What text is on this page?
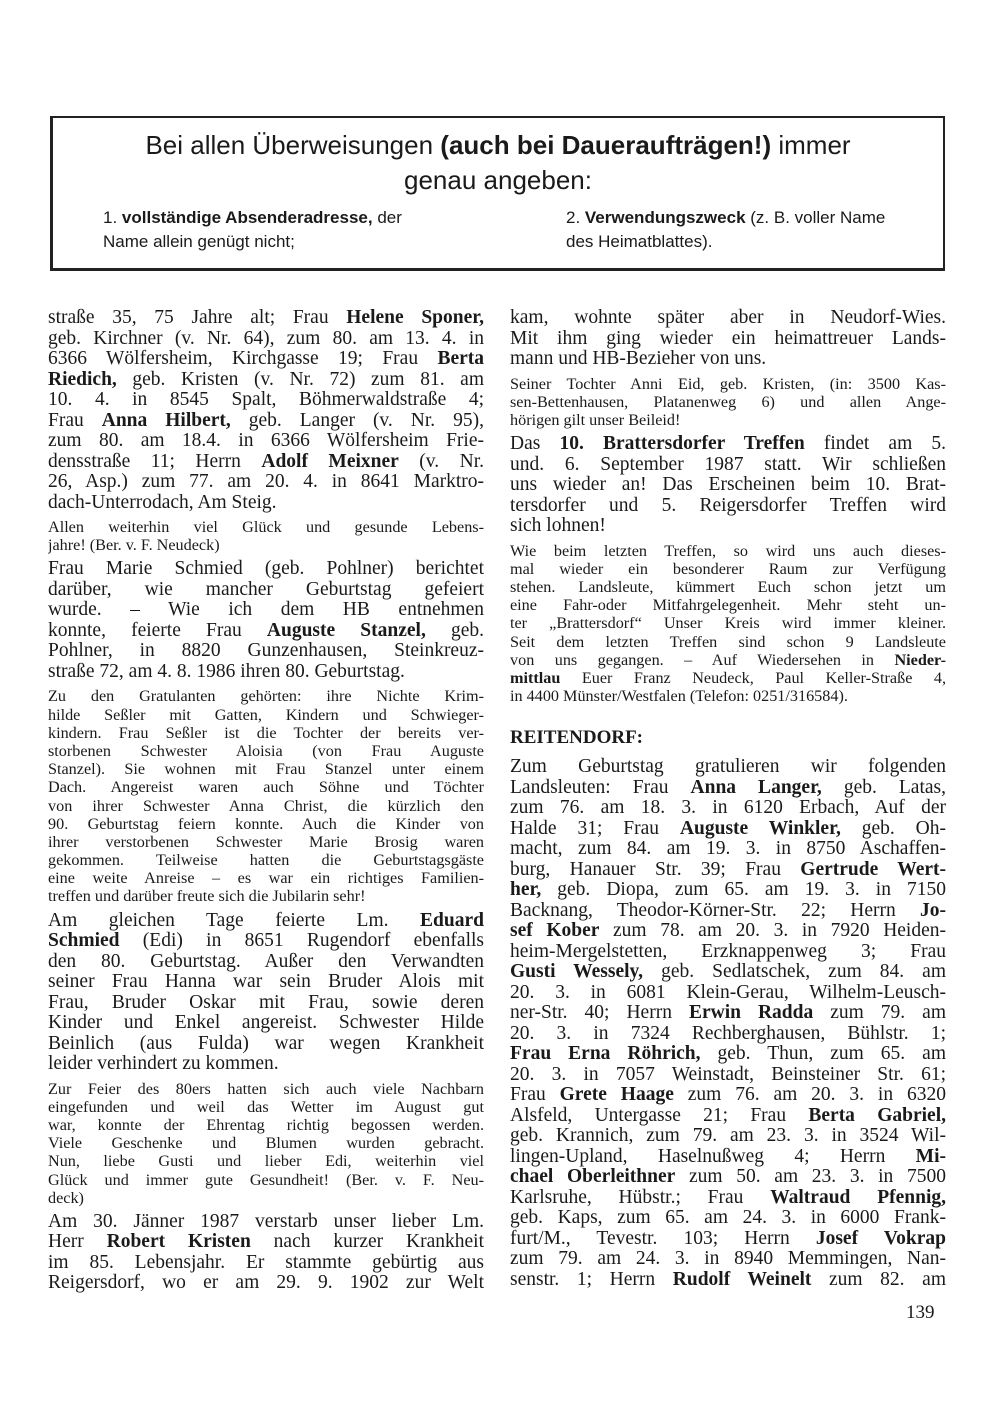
Bei allen Überweisungen (auch bei Daueraufträgen!) immer
genau angeben:
1. vollständige Absenderadresse, der
Name allein genügt nicht;
2. Verwendungszweck (z. B. voller Name
des Heimatblattes).
straße 35, 75 Jahre alt; Frau Helene Sponer,
geb. Kirchner (v. Nr. 64), zum 80. am 13. 4. in
6366 Wölfersheim, Kirchgasse 19; Frau Berta
Riedich, geb. Kristen (v. Nr. 72) zum 81. am
10. 4. in 8545 Spalt, Böhmerwaldstraße 4;
Frau Anna Hilbert, geb. Langer (v. Nr. 95),
zum 80. am 18.4. in 6366 Wölfersheim Frie-
densstraße 11; Herrn Adolf Meixner (v. Nr.
26, Asp.) zum 77. am 20. 4. in 8641 Marktro-
dach-Unterrodach, Am Steig.
Allen weiterhin viel Glück und gesunde Lebens-
jahre! (Ber. v. F. Neudeck)
Frau Marie Schmied (geb. Pohlner) berichtet
darüber, wie mancher Geburtstag gefeiert
wurde. – Wie ich dem HB entnehmen
konnte, feierte Frau Auguste Stanzel, geb.
Pohlner, in 8820 Gunzenhausen, Steinkreuz-
straße 72, am 4. 8. 1986 ihren 80. Geburtstag.
Zu den Gratulanten gehörten: ihre Nichte Krim-
hilde Seßler mit Gatten, Kindern und Schwieger-
kindern. Frau Seßler ist die Tochter der bereits ver-
storbenen Schwester Aloisia (von Frau Auguste
Stanzel). Sie wohnen mit Frau Stanzel unter einem
Dach. Angereist waren auch Söhne und Töchter
von ihrer Schwester Anna Christ, die kürzlich den
90. Geburtstag feiern konnte. Auch die Kinder von
ihrer verstorbenen Schwester Marie Brosig waren
gekommen. Teilweise hatten die Geburtstagsgäste
eine weite Anreise – es war ein richtiges Familien-
treffen und darüber freute sich die Jubilarin sehr!
Am gleichen Tage feierte Lm. Eduard
Schmied (Edi) in 8651 Rugendorf ebenfalls
den 80. Geburtstag. Außer den Verwandten
seiner Frau Hanna war sein Bruder Alois mit
Frau, Bruder Oskar mit Frau, sowie deren
Kinder und Enkel angereist. Schwester Hilde
Beinlich (aus Fulda) war wegen Krankheit
leider verhindert zu kommen.
Zur Feier des 80ers hatten sich auch viele Nachbarn
eingefunden und weil das Wetter im August gut
war, konnte der Ehrentag richtig begossen werden.
Viele Geschenke und Blumen wurden gebracht.
Nun, liebe Gusti und lieber Edi, weiterhin viel
Glück und immer gute Gesundheit! (Ber. v. F. Neu-
deck)
Am 30. Jänner 1987 verstarb unser lieber Lm.
Herr Robert Kristen nach kurzer Krankheit
im 85. Lebensjahr. Er stammte gebürtig aus
Reigersdorf, wo er am 29. 9. 1902 zur Welt
kam, wohnte später aber in Neudorf-Wies.
Mit ihm ging wieder ein heimattreuer Lands-
mann und HB-Bezieher von uns.
Seiner Tochter Anni Eid, geb. Kristen, (in: 3500 Kas-
sen-Bettenhausen, Platanenweg 6) und allen Ange-
hörigen gilt unser Beileid!
Das 10. Brattersdorfer Treffen findet am 5.
und. 6. September 1987 statt. Wir schließen
uns wieder an! Das Erscheinen beim 10. Brat-
tersdorfer und 5. Reigersdorfer Treffen wird
sich lohnen!
Wie beim letzten Treffen, so wird uns auch dieses-
mal wieder ein besonderer Raum zur Verfügung
stehen. Landsleute, kümmert Euch schon jetzt um
eine Fahr-oder Mitfahrgelegenheit. Mehr steht un-
ter „Brattersdorf“ Unser Kreis wird immer kleiner.
Seit dem letzten Treffen sind schon 9 Landsleute
von uns gegangen. – Auf Wiedersehen in Nieder-
mittlau Euer Franz Neudeck, Paul Keller-Straße 4,
in 4400 Münster/Westfalen (Telefon: 0251/316584).
REITENDORF:
Zum Geburtstag gratulieren wir folgenden
Landsleuten: Frau Anna Langer, geb. Latas,
zum 76. am 18. 3. in 6120 Erbach, Auf der
Halde 31; Frau Auguste Winkler, geb. Oh-
macht, zum 84. am 19. 3. in 8750 Aschaffen-
burg, Hanauer Str. 39; Frau Gertrude Wert-
her, geb. Diopa, zum 65. am 19. 3. in 7150
Backnang, Theodor-Körner-Str. 22; Herrn Jo-
sef Kober zum 78. am 20. 3. in 7920 Heiden-
heim-Mergelstetten, Erzknappenweg 3; Frau
Gusti Wessely, geb. Sedlatschek, zum 84. am
20. 3. in 6081 Klein-Gerau, Wilhelm-Leusch-
ner-Str. 40; Herrn Erwin Radda zum 79. am
20. 3. in 7324 Rechberghausen, Bühlstr. 1;
Frau Erna Röhrich, geb. Thun, zum 65. am
20. 3. in 7057 Weinstadt, Beinsteiner Str. 61;
Frau Grete Haage zum 76. am 20. 3. in 6320
Alsfeld, Untergasse 21; Frau Berta Gabriel,
geb. Krannich, zum 79. am 23. 3. in 3524 Wil-
lingen-Upland, Haselnußweg 4; Herrn Mi-
chael Oberleithner zum 50. am 23. 3. in 7500
Karlsruhe, Hübstr.; Frau Waltraud Pfennig,
geb. Kaps, zum 65. am 24. 3. in 6000 Frank-
furt/M., Tevestr. 103; Herrn Josef Vokrap
zum 79. am 24. 3. in 8940 Memmingen, Nan-
senstr. 1; Herrn Rudolf Weinelt zum 82. am
139
